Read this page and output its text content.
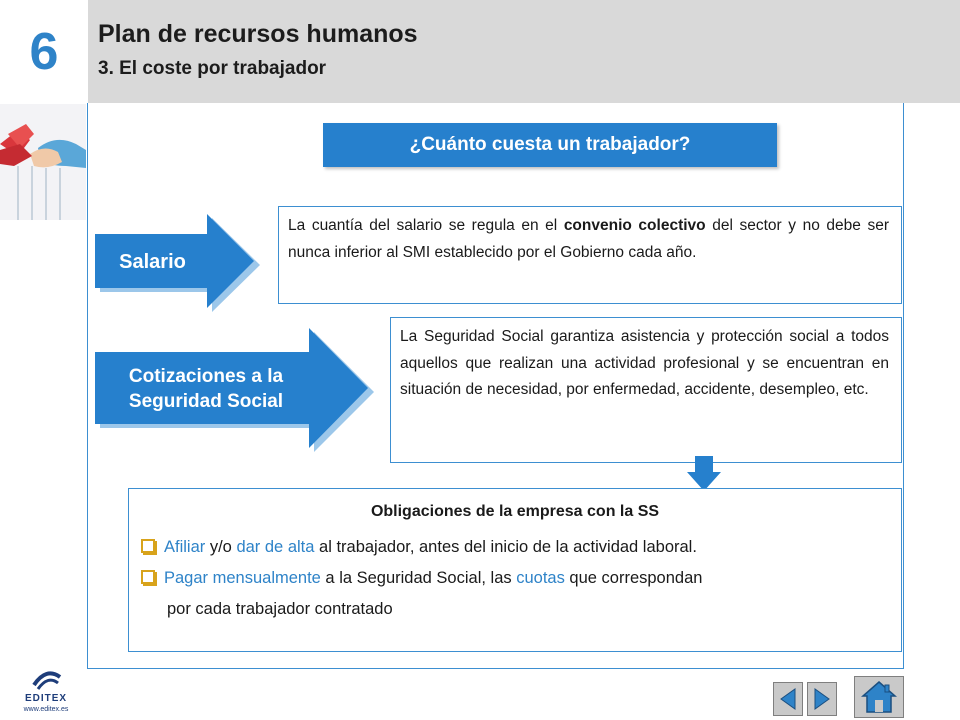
6	Plan de recursos humanos
3. El coste por trabajador
¿Cuánto cuesta un trabajador?
Salario

La cuantía del salario se regula en el convenio colectivo del sector y no debe ser nunca inferior al SMI establecido por el Gobierno cada año.

Cotizaciones a la
Seguridad Social

La Seguridad Social garantiza asistencia y protección social a todos aquellos que realizan una actividad profesional y se encuentran en situación de necesidad, por enfermedad, accidente, desempleo, etc.

Obligaciones de la empresa con la SS
Afiliar y/o dar de alta al trabajador, antes del inicio de la actividad laboral.
Pagar mensualmente a la Seguridad Social, las cuotas que correspondan
por cada trabajador contratado
EDITEX
www.editex.es
